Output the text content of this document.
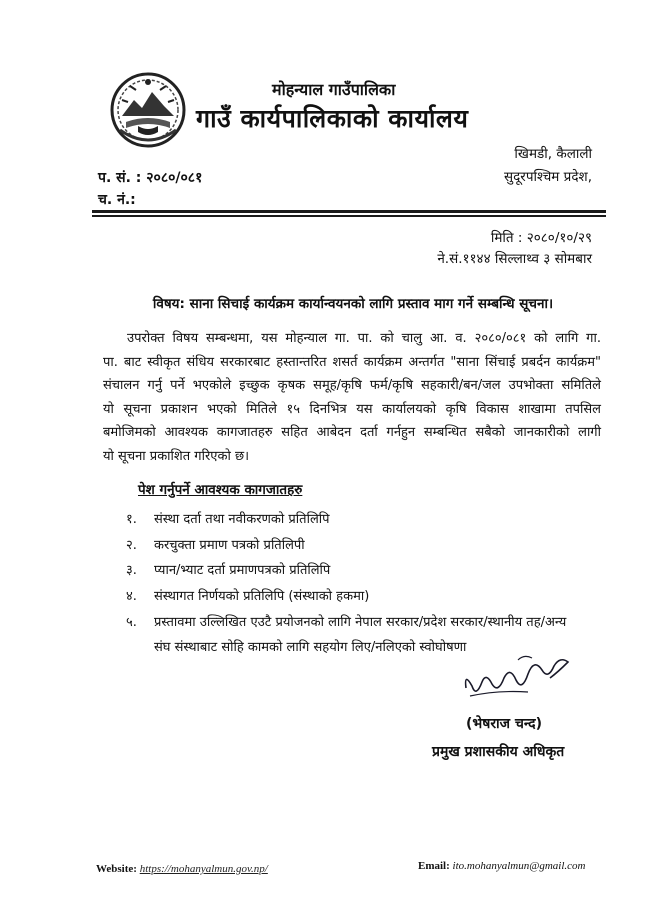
मोहन्याल गाउँपालिका
गाउँ कार्यपालिकाको कार्यालय
खिमडी, कैलाली
सुदूरपश्चिम प्रदेश,
प. सं. : २०८०/०८१
च. नं.:
मिति : २०८०/१०/२९
ने.सं.११४४ सिल्लाथ्व ३ सोमबार
विषय: साना सिचाई कार्यक्रम कार्यान्वयनको लागि प्रस्ताव माग गर्ने सम्बन्धि सूचना।
उपरोक्त विषय सम्बन्धमा, यस मोहन्याल गा. पा. को चालु आ. व. २०८०/०८१ को लागि गा.
पा. बाट स्वीकृत संधिय सरकारबाट हस्तान्तरित शसर्त कार्यक्रम अन्तर्गत "साना सिंचाई प्रबर्दन कार्यक्रम"
संचालन गर्नु पर्ने भएकोले इच्छुक कृषक समूह/कृषि फर्म/कृषि सहकारी/बन/जल उपभोक्ता समितिले
यो सूचना प्रकाशन भएको मितिले १५ दिनभित्र यस कार्यालयको कृषि विकास शाखामा तपसिल
बमोजिमको आवश्यक कागजातहरु सहित आबेदन दर्ता गर्नहुन सम्बन्धित सबैको जानकारीको लागी
यो सूचना प्रकाशित गरिएको छ।
पेश गर्नुपर्ने आवश्यक कागजातहरु
१. संस्था दर्ता तथा नवीकरणको प्रतिलिपि
२. करचुक्ता प्रमाण पत्रको प्रतिलिपी
३. प्यान/भ्याट दर्ता प्रमाणपत्रको प्रतिलिपि
४. संस्थागत निर्णयको प्रतिलिपि (संस्थाको हकमा)
५. प्रस्तावमा उल्लिखित एउटै प्रयोजनको लागि नेपाल सरकार/प्रदेश सरकार/स्थानीय तह/अन्य
संघ संस्थाबाट सोहि कामको लागि सहयोग लिए/नलिएको स्वोघोषणा
(भेषराज चन्द)
प्रमुख प्रशासकीय अधिकृत
Website: https://mohanyalmun.gov.np/	Email: ito.mohanyalmun@gmail.com
